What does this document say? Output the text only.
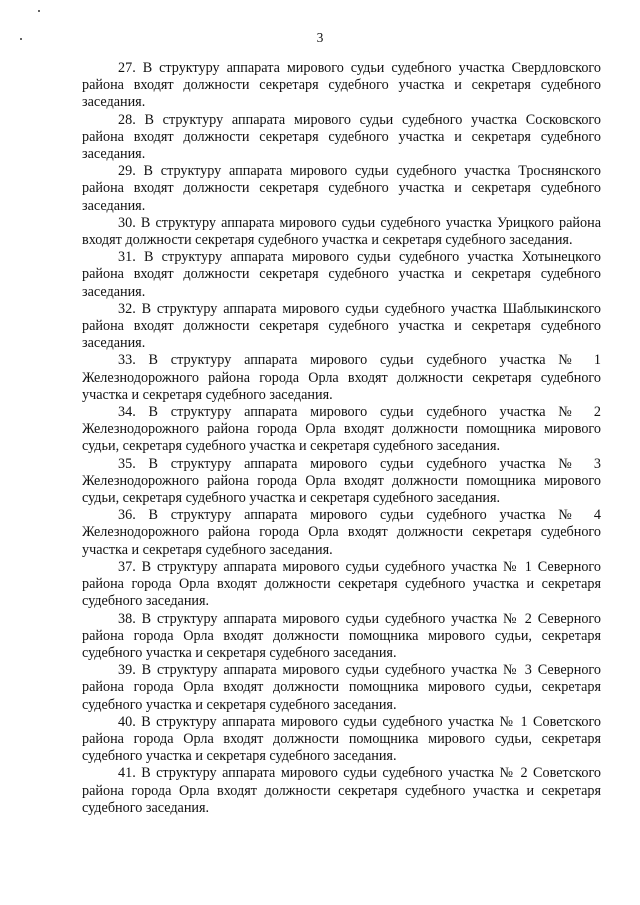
3

27. В структуру аппарата мирового судьи судебного участка Свердловского района входят должности секретаря судебного участка и секретаря судебного заседания.

28. В структуру аппарата мирового судьи судебного участка Сосковского района входят должности секретаря судебного участка и секретаря судебного заседания.

29. В структуру аппарата мирового судьи судебного участка Троснянского района входят должности секретаря судебного участка и секретаря судебного заседания.

30. В структуру аппарата мирового судьи судебного участка Урицкого района входят должности секретаря судебного участка и секретаря судебного заседания.

31. В структуру аппарата мирового судьи судебного участка Хотынецкого района входят должности секретаря судебного участка и секретаря судебного заседания.

32. В структуру аппарата мирового судьи судебного участка Шаблыкинского района входят должности секретаря судебного участка и секретаря судебного заседания.

33. В структуру аппарата мирового судьи судебного участка № 1 Железнодорожного района города Орла входят должности секретаря судебного участка и секретаря судебного заседания.

34. В структуру аппарата мирового судьи судебного участка № 2 Железнодорожного района города Орла входят должности помощника мирового судьи, секретаря судебного участка и секретаря судебного заседания.

35. В структуру аппарата мирового судьи судебного участка № 3 Железнодорожного района города Орла входят должности помощника мирового судьи, секретаря судебного участка и секретаря судебного заседания.

36. В структуру аппарата мирового судьи судебного участка № 4 Железнодорожного района города Орла входят должности секретаря судебного участка и секретаря судебного заседания.

37. В структуру аппарата мирового судьи судебного участка № 1 Северного района города Орла входят должности секретаря судебного участка и секретаря судебного заседания.

38. В структуру аппарата мирового судьи судебного участка № 2 Северного района города Орла входят должности помощника мирового судьи, секретаря судебного участка и секретаря судебного заседания.

39. В структуру аппарата мирового судьи судебного участка № 3 Северного района города Орла входят должности помощника мирового судьи, секретаря судебного участка и секретаря судебного заседания.

40. В структуру аппарата мирового судьи судебного участка № 1 Советского района города Орла входят должности помощника мирового судьи, секретаря судебного участка и секретаря судебного заседания.

41. В структуру аппарата мирового судьи судебного участка № 2 Советского района города Орла входят должности секретаря судебного участка и секретаря судебного заседания.
